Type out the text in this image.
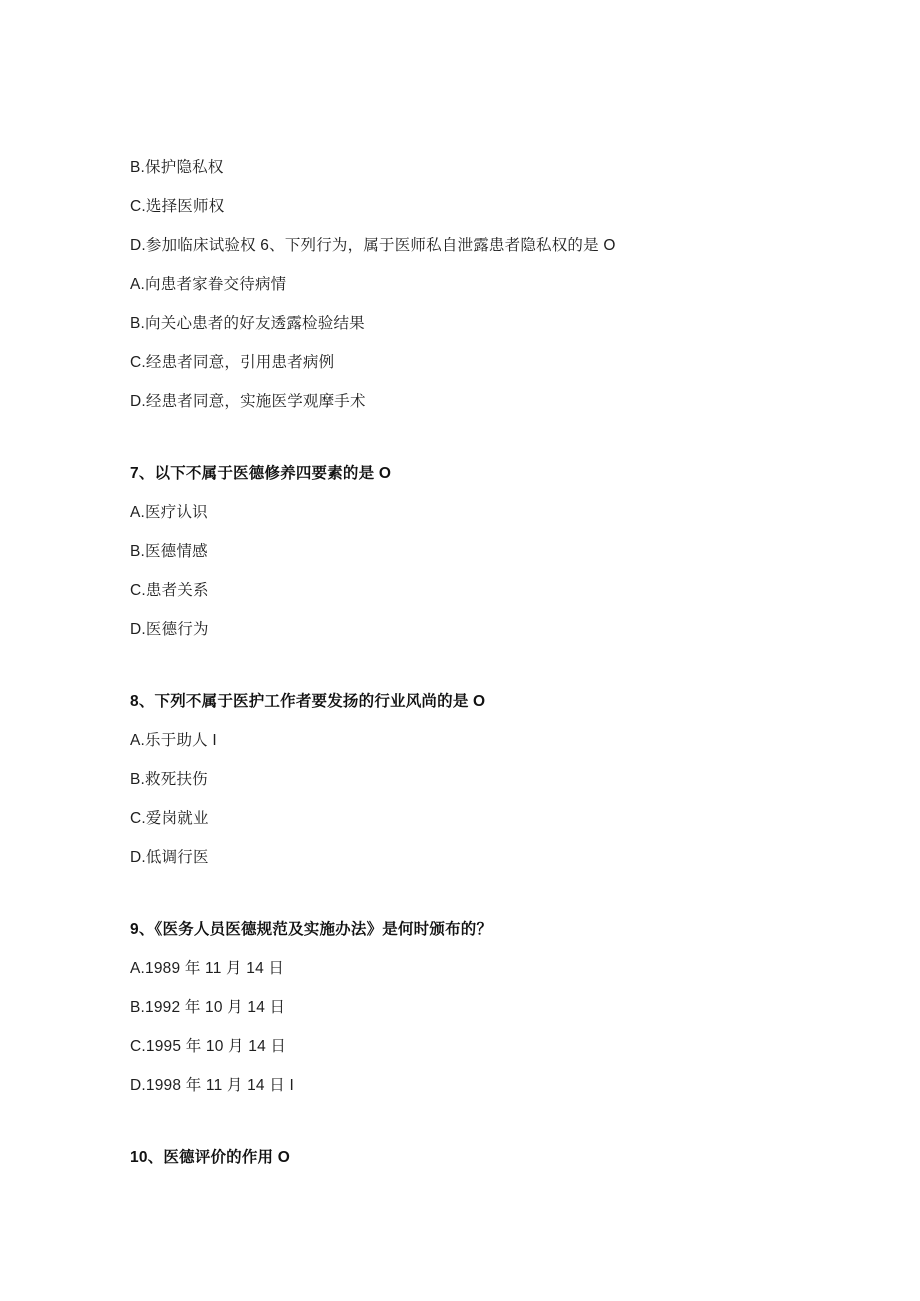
B.保护隐私权

C.选择医师权

D.参加临床试验权 6、下列行为，属于医师私自泄露患者隐私权的是 O

A.向患者家眷交待病情

B.向关心患者的好友透露检验结果

C.经患者同意，引用患者病例

D.经患者同意，实施医学观摩手术

7、以下不属于医德修养四要素的是 O

A.医疗认识

B.医德情感

C.患者关系

D.医德行为

8、下列不属于医护工作者要发扬的行业风尚的是 O

A.乐于助人 I

B.救死扶伤

C.爱岗就业

D.低调行医

9、《医务人员医德规范及实施办法》是何时颁布的？

A.1989 年 11 月 14 日

B.1992 年 10 月 14 日

C.1995 年 10 月 14 日

D.1998 年 11 月 14 日 I

10、医德评价的作用 O
